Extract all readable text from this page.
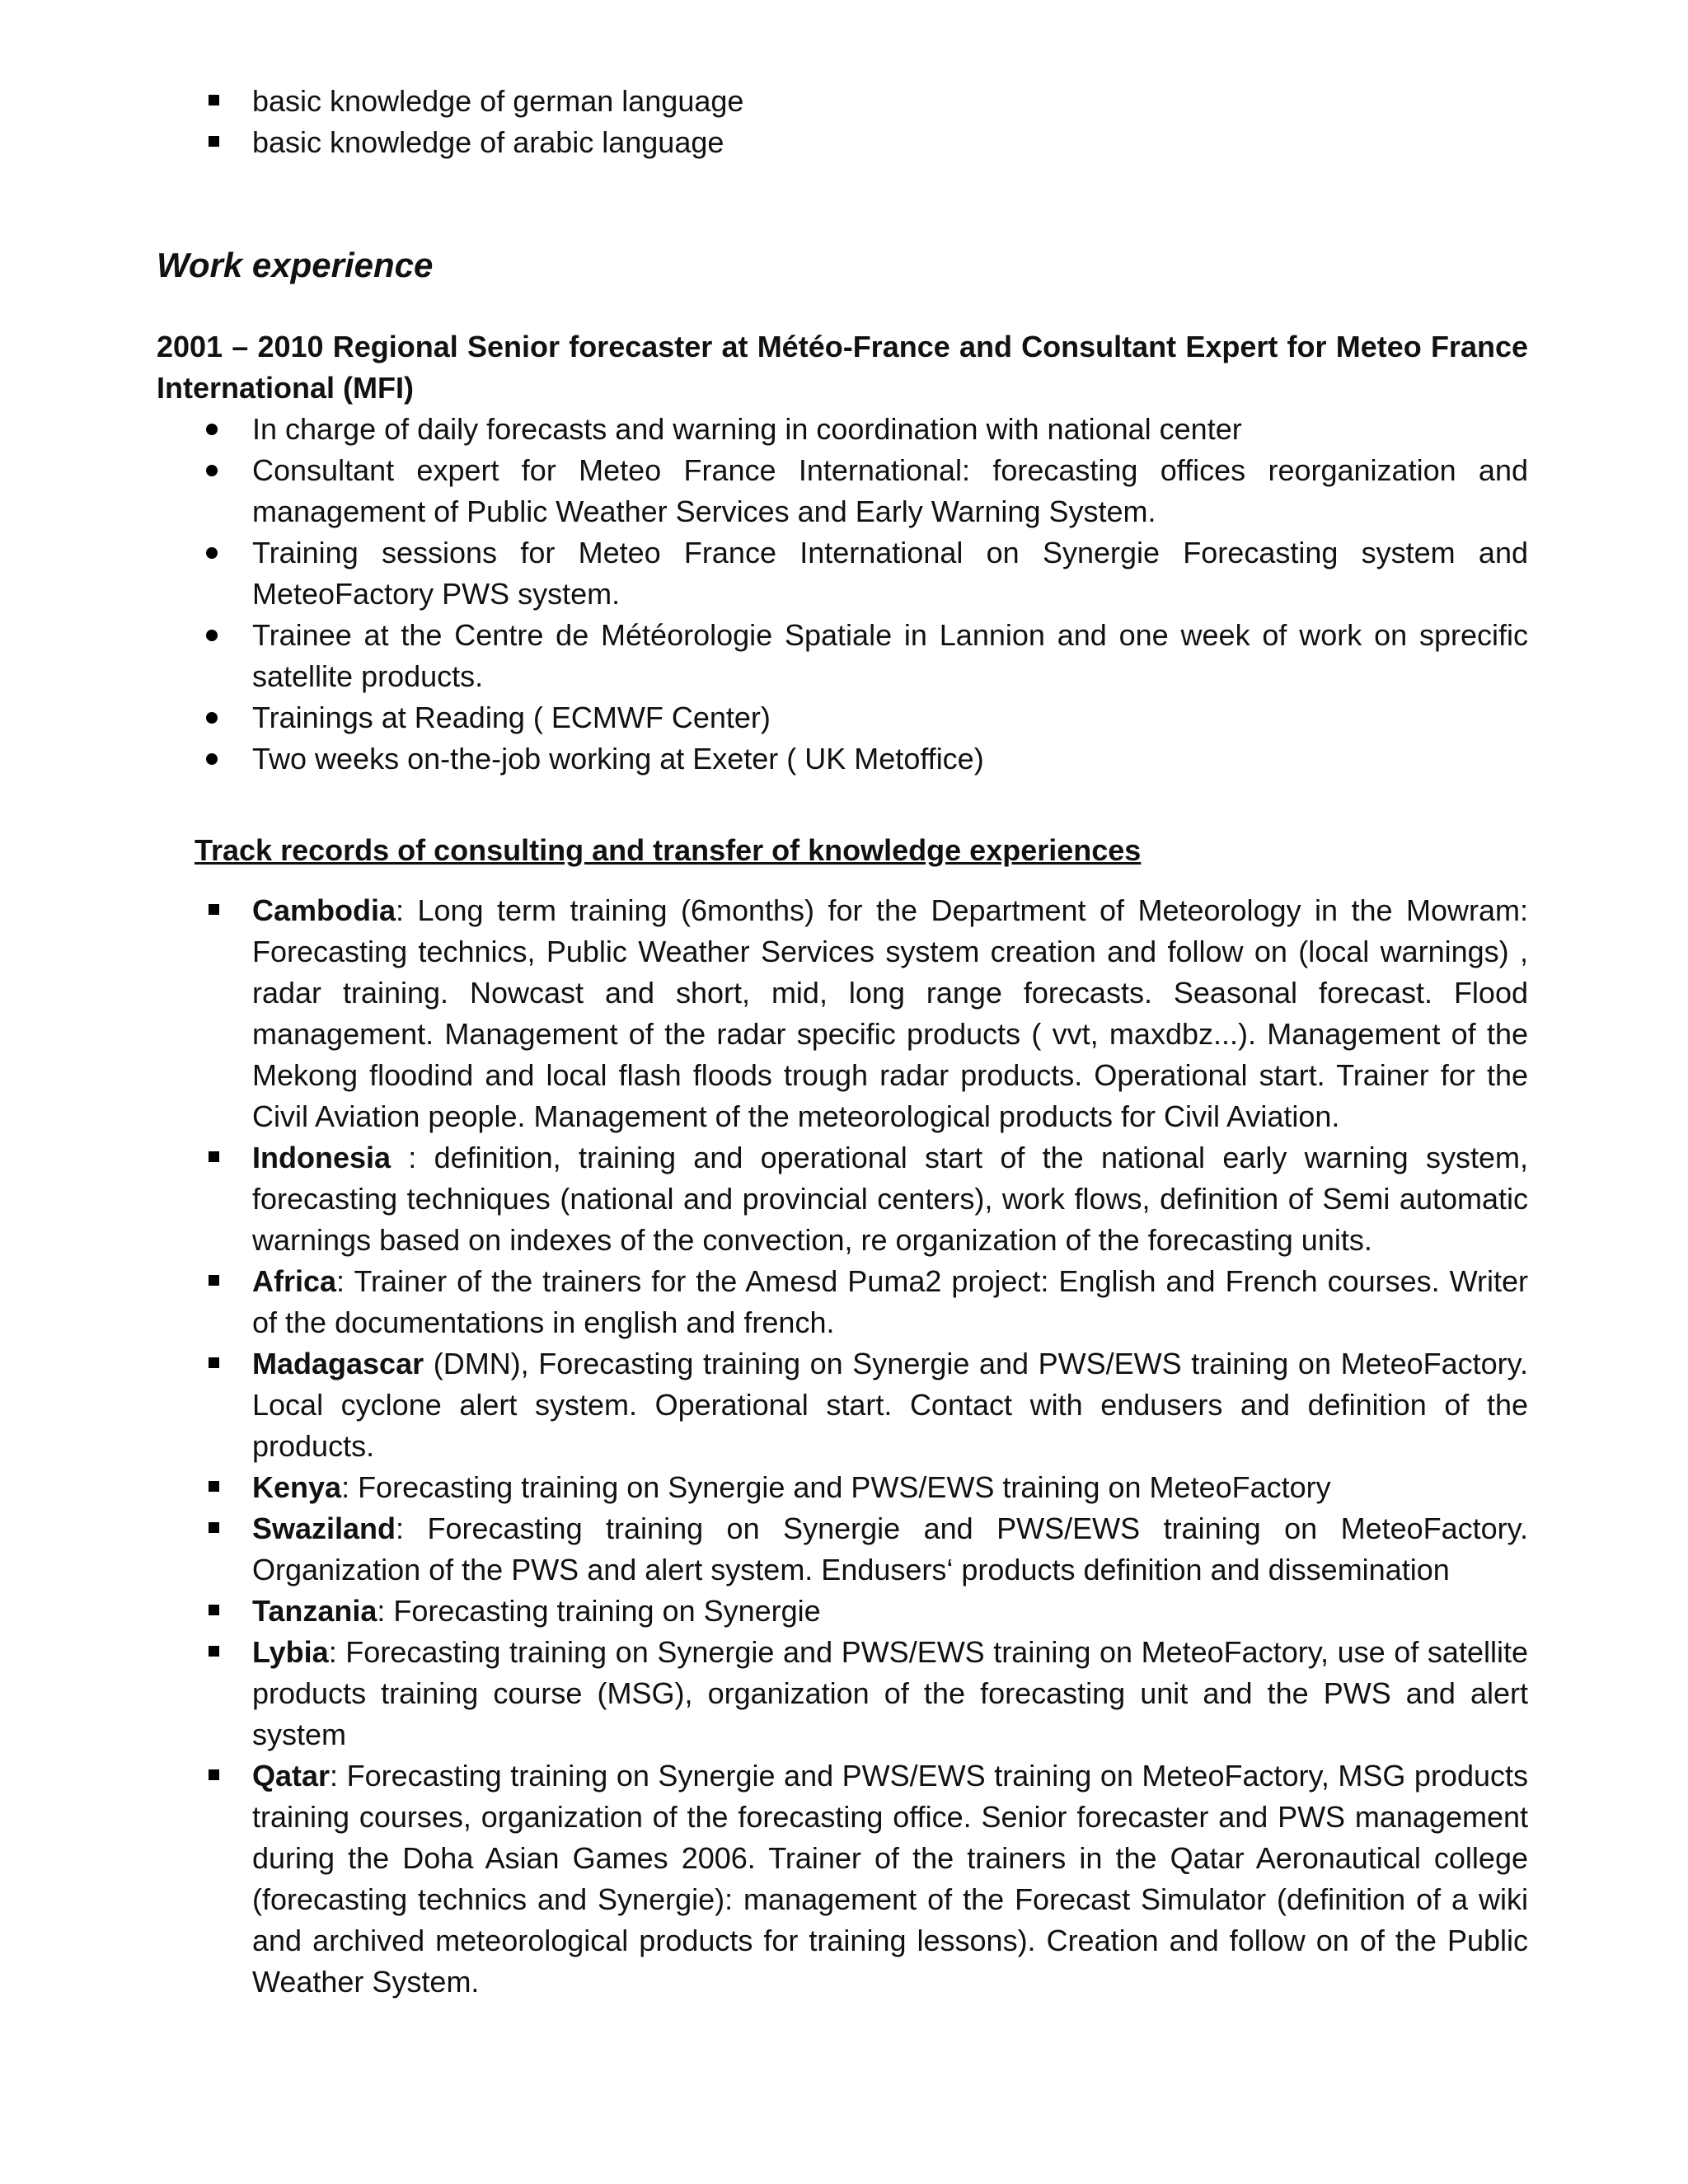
basic knowledge of german language
basic knowledge of arabic language
Work experience
2001 – 2010 Regional Senior forecaster at Météo-France and Consultant Expert for Meteo France International (MFI)
In charge of daily forecasts and warning in coordination with national center
Consultant expert for Meteo France International: forecasting offices reorganization and management of Public Weather Services and Early Warning System.
Training sessions for Meteo France International on Synergie Forecasting system and MeteoFactory PWS system.
Trainee at the Centre de Météorologie Spatiale in Lannion and one week of work on sprecific satellite products.
Trainings at Reading ( ECMWF Center)
Two weeks on-the-job working at Exeter ( UK Metoffice)
Track records of consulting and transfer of knowledge experiences
Cambodia: Long term training (6months) for the Department of Meteorology in the Mowram: Forecasting technics, Public Weather Services system creation and follow on (local warnings) , radar training. Nowcast and short, mid, long range forecasts. Seasonal forecast. Flood management. Management of the radar specific products ( vvt, maxdbz...). Management of the Mekong floodind and local flash floods trough radar products. Operational start. Trainer for the Civil Aviation people. Management of the meteorological products for Civil Aviation.
Indonesia : definition, training and operational start of the national early warning system, forecasting techniques (national and provincial centers), work flows, definition of Semi automatic warnings based on indexes of the convection, re organization of the forecasting units.
Africa: Trainer of the trainers for the Amesd Puma2 project: English and French courses. Writer of the documentations in english and french.
Madagascar (DMN), Forecasting training on Synergie and PWS/EWS training on MeteoFactory. Local cyclone alert system. Operational start. Contact with endusers and definition of the products.
Kenya: Forecasting training on Synergie and PWS/EWS training on MeteoFactory
Swaziland: Forecasting training on Synergie and PWS/EWS training on MeteoFactory. Organization of the PWS and alert system. Endusers‘ products definition and dissemination
Tanzania: Forecasting training on Synergie
Lybia: Forecasting training on Synergie and PWS/EWS training on MeteoFactory, use of satellite products training course (MSG), organization of the forecasting unit and the PWS and alert system
Qatar: Forecasting training on Synergie and PWS/EWS training on MeteoFactory, MSG products training courses, organization of the forecasting office. Senior forecaster and PWS management during the Doha Asian Games 2006. Trainer of the trainers in the Qatar Aeronautical college (forecasting technics and Synergie): management of the Forecast Simulator (definition of a wiki and archived meteorological products for training lessons). Creation and follow on of the Public Weather System.
